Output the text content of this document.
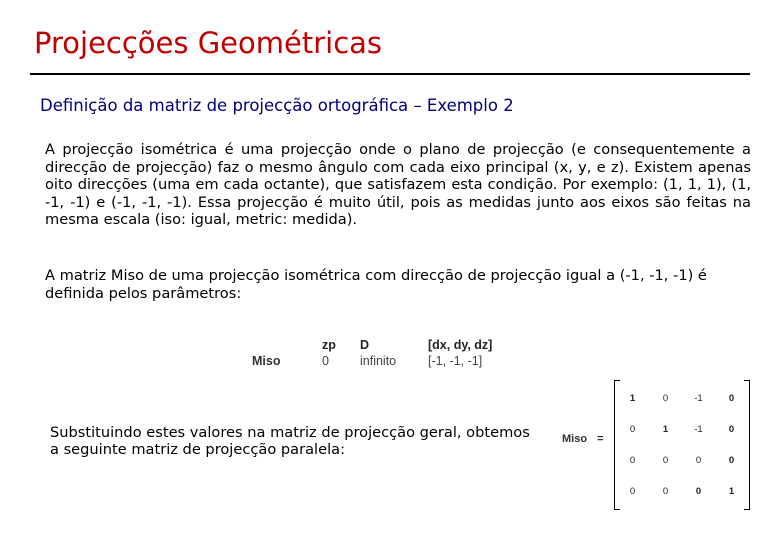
Projecções Geométricas
Definição da matriz de projecção ortográfica – Exemplo 2
A projecção isométrica é uma projecção onde o plano de projecção (e consequentemente a direcção de projecção) faz o mesmo ângulo com cada eixo principal (x, y, e z). Existem apenas oito direcções (uma em cada octante), que satisfazem esta condição. Por exemplo: (1, 1, 1), (1, -1, -1) e (-1, -1, -1). Essa projecção é muito útil, pois as medidas junto aos eixos são feitas na mesma escala (iso: igual, metric: medida).
A matriz Miso de uma projecção isométrica com direcção de projecção igual a (-1, -1, -1) é definida pelos parâmetros:
	zp	D	[dx, dy, dz]
Miso	0	infinito	[-1, -1, -1]
Substituindo estes valores na matriz de projecção geral, obtemos a seguinte matriz de projecção paralela:
Miso =
1	0	-1	0
0	1	-1	0
0	0	0	0
0	0	0	1
